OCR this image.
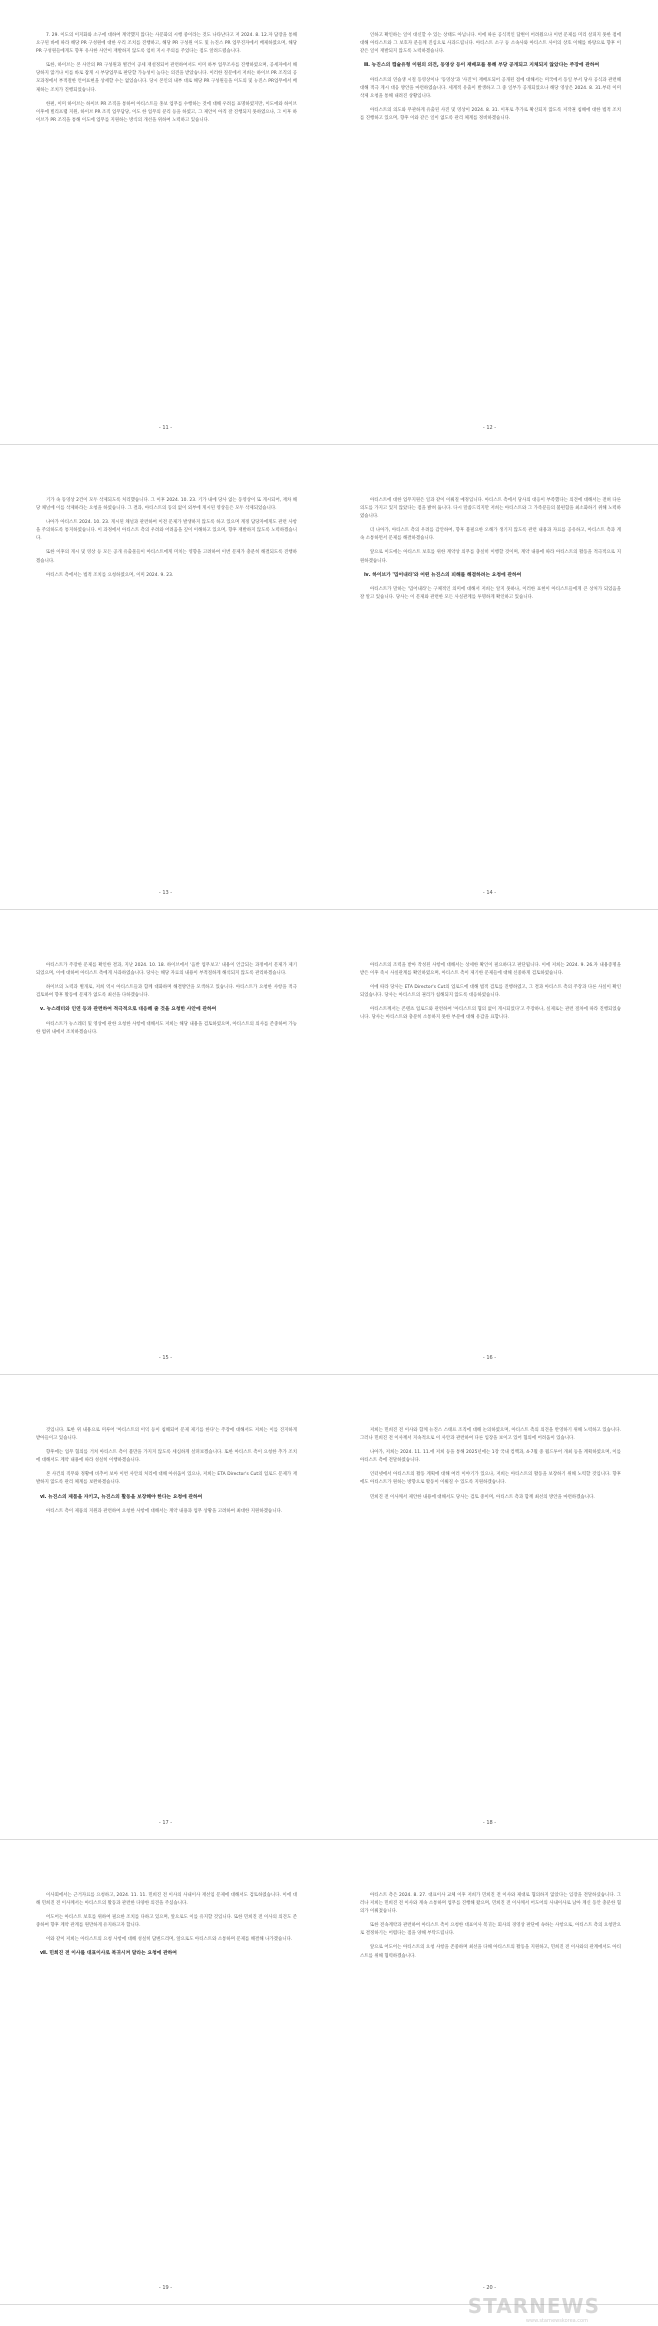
7. 29. 이도의 이지화와 소구에 대하여 계약했지 않다는 사문화의 시행 중이라는 것도 나타난다고 저 2024. 8. 12.자 답장을 통해 요구된 바에 따라 해당 PR 구성원에 대한 우리 조치를 진행하고, 해당 PR 구성원 이도 및 뉴진스 PR 업무진자에서 배제하였으며, 해당 PR 구성원들에게도 향후 유사한 사안이 재발하지 않도록 엄히 지시 주의를 주었다는 점도 알려드렸습니다.
또한, 하이브는 본 사안의 PR 구성원과 별건이 공세 재설정되어 관련하여서도 이미 하부 업무조사를 진행하였으며, 공세자에서 해당하지 않거나 이를 바로 잡게 시 부당업무로 판단할 가능성이 높다는 의견을 받았습니다. 이러한 질문에서 저희는 하이브 PR 조직의 공모과정에서 부적절한 언어표현을 상세할 수는 없었습니다. 당시 본인의 내부 대로 해당 PR 구성원들을 이도의 및 뉴진스 PR업무에서 배제하는 조치가 진행되었습니다.
한편, 이미 하이브는 하이브 PR 조직을 통하여 아티스트들 홍보 업무를 수행하는 것에 대해 우려를 표명하였지만, 이도에와 하이브 이후에 빌리프랩 지원, 하이브 PR 조직 업무담당, 이도 한 업무의 분리 등을 하였고, 그 제안이 아직 잘 진행되지 못하였으나, 그 이후 하이브가 PR 조직을 통해 이도에 업무를 지원하는 방식의 개선을 위하여 노력하고 있습니다.
- 11 -
인하고 확인하는 일이 대신할 수 있는 상태도 아닙니다. 이에 따른 공식적인 답변이 어려웠으나 이번 문제를 미리 살피지 못한 점에 대해 아티스트와 그 보호자 분들께 진심으로 사과드립니다. 아티스트 소구 등 소속사와 아티스트 사이의 상호 이해를 바탕으로 향후 이 같은 일이 재발되지 않도록 노력하겠습니다.
ⅲ. 뉴진스의 캡슐유형 이원의 의견, 동영상 등이 재배포를 통해 부당 공개되고 지체되지 않았다는 주장에 관하여
아티스트의 연습생 시절 동영상이나 '동영상'과 '사진'이 재배포되어 공개된 점에 대해서는 미국에서 동일 부서 당사 공식과 관련해 대해 적극 게시 대응 방안을 마련하였습니다. 세계적 유출이 발생하고 그 중 일부가 공개되었으나 해당 영상은 2024. 8. 31.부터 이미 삭제 요청을 통해 내려진 상황입니다.
아티스트의 의도와 무관하게 유출된 사진 및 영상이 2024. 8. 31. 이후로 추가로 확산되지 않도록 저작권 침해에 대한 법적 조치를 진행하고 있으며, 향후 이와 같은 일이 없도록 관리 체계를 정비하겠습니다.
- 12 -
기가 속 동영상 2건이 모두 삭제되도록 처리했습니다. 그 이후 2024. 10. 23. 기가 내에 당사 없는 동영상이 또 게시되어, 재차 해당 채널에 이를 삭제하라는 요청을 하였습니다. 그 결과, 아티스트의 동의 없이 외부에 게시된 영상들은 모두 삭제되었습니다.
나아가 아티스트 2024. 10. 23. 게시된 채널과 관련하여 이전 문제가 발생하지 않도록 하고 있으며 계정 담당자에게도 관련 사항을 주의하도록 통지하였습니다. 이 과정에서 아티스트 측의 우려와 어려움을 깊이 이해하고 있으며, 향후 재발하지 않도록 노력하겠습니다.
또한 이후의 게시 및 영상 등 모든 공개 유출물들이 아티스트에게 미치는 영향을 고려하여 이번 문제가 충분히 해결되도록 진행하겠습니다.
아티스트 측에서는 법적 조치를 요청하였으며, 이미 2024. 9. 23.
- 13 -
아티스트에 대한 업무지원은 일과 같이 이뤄질 예정입니다. 아티스트 측에서 당사의 대응이 부족했다는 의견에 대해서는 전혀 다른 의도를 가지고 있지 않았다는 점을 밝혀 둡니다. 다시 말씀드리지만 저희는 아티스트와 그 가족분들의 불편함을 최소화하기 위해 노력하였습니다.
더 나아가, 아티스트 측의 우려를 감안하여, 향후 불필요한 오해가 생기지 않도록 관련 내용과 자료를 공유하고, 아티스트 측과 계속 소통하면서 문제를 해결하겠습니다.
앞으로 이도에는 아티스트 보호를 위한 계약상 의무를 충실히 이행할 것이며, 계약 내용에 따라 아티스트의 활동을 적극적으로 지원하겠습니다.
ⅳ. 하이브가 '밉어내라'와 어떤 뉴진스의 피해를 해결하려는 요청에 관하여
아티스트가 말하는 '밉어내라'는 구체적인 의미에 대해서 저희는 알지 못하나, 이러한 표현이 아티스트들에게 큰 상처가 되었음을 잘 알고 있습니다. 당사는 이 문제와 관련한 모든 사실관계를 투명하게 확인하고 있습니다.
- 14 -
아티스트가 주장한 문제를 확인한 결과, 지난 2024. 10. 18. 하이브에서 '음반 업무보고' 내용이 언급되는 과정에서 문제가 제기되었으며, 이에 대하여 아티스트 측에게 사과하였습니다. 당사는 해당 자료의 내용이 부적절하게 해석되지 않도록 관리하겠습니다.
하이브의 노력과 별개로, 저희 역시 아티스트들과 함께 대화하며 해결방안을 모색하고 있습니다. 아티스트가 요청한 사항을 적극 검토하여 향후 활동에 문제가 없도록 최선을 다하겠습니다.
ⅴ. 뉴스레터와 인연 등과 관련하여 적극적으로 대응해 줄 것을 요청한 사안에 관하여
아티스트가 뉴스레터 및 영상에 관한 요청한 사항에 대해서도 저희는 해당 내용을 검토하였으며, 아티스트의 의사를 존중하여 가능한 범위 내에서 조치하겠습니다.
- 15 -
아티스트의 조력을 받아 작성된 사항에 대해서는 상세한 확인이 필요하다고 판단됩니다. 이에 저희는 2024. 9. 26.자 내용증명을 받은 이후 즉시 사실관계를 확인하였으며, 아티스트 측이 제기한 문제들에 대해 신중하게 검토하였습니다.
이에 따라 당사는 ETA Director's Cut의 업로드에 대해 법적 검토를 진행하였고, 그 결과 아티스트 측의 주장과 다른 사실이 확인되었습니다. 당사는 아티스트의 권리가 침해되지 않도록 대응하였습니다.
아티스트께서는 콘텐츠 업로드와 관련하여 '아티스트의 협의 없이 게시되었다'고 주장하나, 실제로는 관련 절차에 따라 진행되었습니다. 당사는 아티스트와 충분히 소통하지 못한 부분에 대해 유감을 표합니다.
- 16 -
것입니다. 또한 위 내용으로 미루어 '아티스트의 이익 등이 침해되어 문제 제기를 한다'는 주장에 대해서도 저희는 이를 진지하게 받아들이고 있습니다.
향후에는 업무 협의를 거쳐 아티스트 측이 불만을 가지지 않도록 세심하게 살펴보겠습니다. 또한 아티스트 측이 요청한 추가 조치에 대해서도 계약 내용에 따라 성실히 이행하겠습니다.
본 사건의 직무와 정황에 비추어 보아 이번 사안의 처리에 대해 아쉬움이 있으나, 저희는 ETA Director's Cut의 업로드 문제가 재발하지 않도록 관리 체계를 보완하겠습니다.
ⅵ. 뉴진스의 제품을 자키고, 뉴진스의 활동을 보장해야 한다는 요청에 관하여
아티스트 측이 제품의 지원과 관련하여 요청한 사항에 대해서는 계약 내용과 업무 상황을 고려하여 최대한 지원하겠습니다.
- 17 -
저희는 민희진 전 이사와 함께 뉴진스 스태프 조직에 대해 논의하였으며, 아티스트 측의 의견을 반영하기 위해 노력하고 있습니다. 그러나 민희진 전 이사께서 지속적으로 이 사안과 관련하여 다른 입장을 보이고 있어 협의에 어려움이 있습니다.
나아가, 저희는 2024. 11. 11.에 저희 등을 통해 2025년에는 1장 국내 컴백과, 4-7월 중 월드투어 개최 등을 계획하였으며, 이를 아티스트 측에 전달하였습니다.
인터넷에서 아티스트의 활동 계획에 대해 여러 이야기가 있으나, 저희는 아티스트의 활동을 보장하기 위해 노력할 것입니다. 향후에도 아티스트가 원하는 방향으로 활동이 이뤄질 수 있도록 지원하겠습니다.
민희진 전 이사께서 제안한 내용에 대해서도 당사는 검토 중이며, 아티스트 측과 함께 최선의 방안을 마련하겠습니다.
- 18 -
이사회에서는 근거자료를 요청하고, 2024. 11. 11. 민희진 전 이사의 사내이사 재선임 문제에 대해서도 검토하였습니다. 이에 대해 민희진 전 이사께서는 아티스트의 활동과 관련한 다양한 의견을 주셨습니다.
어도어는 아티스트 보호를 위하여 필요한 조치를 다하고 있으며, 앞으로도 이를 유지할 것입니다. 또한 민희진 전 이사의 의견도 존중하여 향후 계약 관계를 원만하게 유지하고자 합니다.
이와 같이 저희는 아티스트의 요청 사항에 대해 성실히 답변드리며, 앞으로도 아티스트와 소통하며 문제를 해결해 나가겠습니다.
ⅶ. 민희진 전 이사를 대표이사로 복귀시켜 달라는 요청에 관하여
- 19 -
아티스트 측은 2024. 8. 27. 대표이사 교체 이후 저희가 민희진 전 이사와 제대로 협의하지 않았다는 입장을 전달하셨습니다. 그러나 저희는 민희진 전 이사와 계속 소통하며 업무를 진행해 왔으며, 민희진 전 이사께서 어도어의 사내이사로 남아 계신 동안 충분한 협의가 이뤄졌습니다.
또한 전속계약과 관련하여 아티스트 측이 요청한 대표이사 복귀는 회사의 경영상 판단에 속하는 사항으로, 아티스트 측의 요청만으로 결정하기는 어렵다는 점을 양해 부탁드립니다.
앞으로 어도어는 아티스트의 요청 사항을 존중하며 최선을 다해 아티스트의 활동을 지원하고, 민희진 전 이사와의 관계에서도 아티스트를 위해 협력하겠습니다.
- 20 -
STARNEWS
www.starnewskorea.com
